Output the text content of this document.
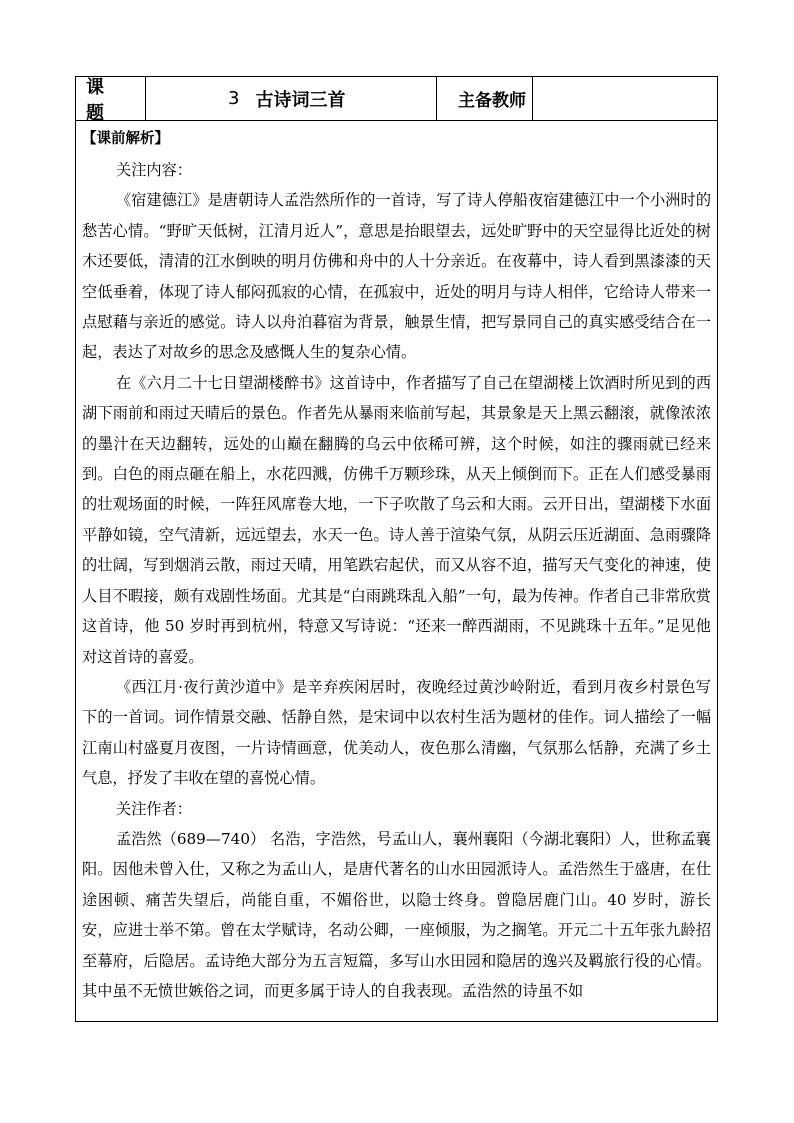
课题
3 古诗词三首	主备教师
【课前解析】

关注内容：

《宿建德江》是唐朝诗人孟浩然所作的一首诗，写了诗人停船夜宿建德江中一个小洲时的愁苦心情。“野旷天低树，江清月近人”，意思是抬眼望去，远处旷野中的天空显得比近处的树木还要低，清清的江水倒映的明月仿佛和舟中的人十分亲近。在夜幕中，诗人看到黑漆漆的天空低垂着，体现了诗人郁闷孤寂的心情，在孤寂中，近处的明月与诗人相伴，它给诗人带来一点慰藉与亲近的感觉。诗人以舟泊暮宿为背景，触景生情，把写景同自己的真实感受结合在一起，表达了对故乡的思念及感慨人生的复杂心情。

在《六月二十七日望湖楼醉书》这首诗中，作者描写了自己在望湖楼上饮酒时所见到的西湖下雨前和雨过天晴后的景色。作者先从暴雨来临前写起，其景象是天上黑云翻滚，就像浓浓的墨汁在天边翻转，远处的山巅在翻腾的乌云中依稀可辨，这个时候，如注的骤雨就已经来到。白色的雨点砸在船上，水花四溅，仿佛千万颗珍珠，从天上倾倒而下。正在人们感受暴雨的壮观场面的时候，一阵狂风席卷大地，一下子吹散了乌云和大雨。云开日出，望湖楼下水面平静如镜，空气清新，远远望去，水天一色。诗人善于渲染气氛，从阴云压近湖面、急雨骤降的壮阔，写到烟消云散，雨过天晴，用笔跌宕起伏，而又从容不迫，描写天气变化的神速，使人目不暇接，颇有戏剧性场面。尤其是“白雨跳珠乱入船”一句，最为传神。作者自己非常欣赏这首诗，他 50 岁时再到杭州，特意又写诗说：“还来一醉西湖雨，不见跳珠十五年。”足见他对这首诗的喜爱。

《西江月·夜行黄沙道中》是辛弃疾闲居时，夜晚经过黄沙岭附近，看到月夜乡村景色写下的一首词。词作情景交融、恬静自然，是宋词中以农村生活为题材的佳作。词人描绘了一幅江南山村盛夏月夜图，一片诗情画意，优美动人，夜色那么清幽，气氛那么恬静，充满了乡土气息，抒发了丰收在望的喜悦心情。

关注作者：

孟浩然（689—740） 名浩，字浩然，号孟山人，襄州襄阳（今湖北襄阳）人，世称孟襄阳。因他未曾入仕，又称之为孟山人，是唐代著名的山水田园派诗人。孟浩然生于盛唐，在仕途困顿、痛苦失望后，尚能自重，不媚俗世，以隐士终身。曾隐居鹿门山。40 岁时，游长安，应进士举不第。曾在太学赋诗，名动公卿，一座倾服，为之搁笔。开元二十五年张九龄招至幕府，后隐居。孟诗绝大部分为五言短篇，多写山水田园和隐居的逸兴及羁旅行役的心情。其中虽不无愤世嫉俗之词，而更多属于诗人的自我表现。孟浩然的诗虽不如
